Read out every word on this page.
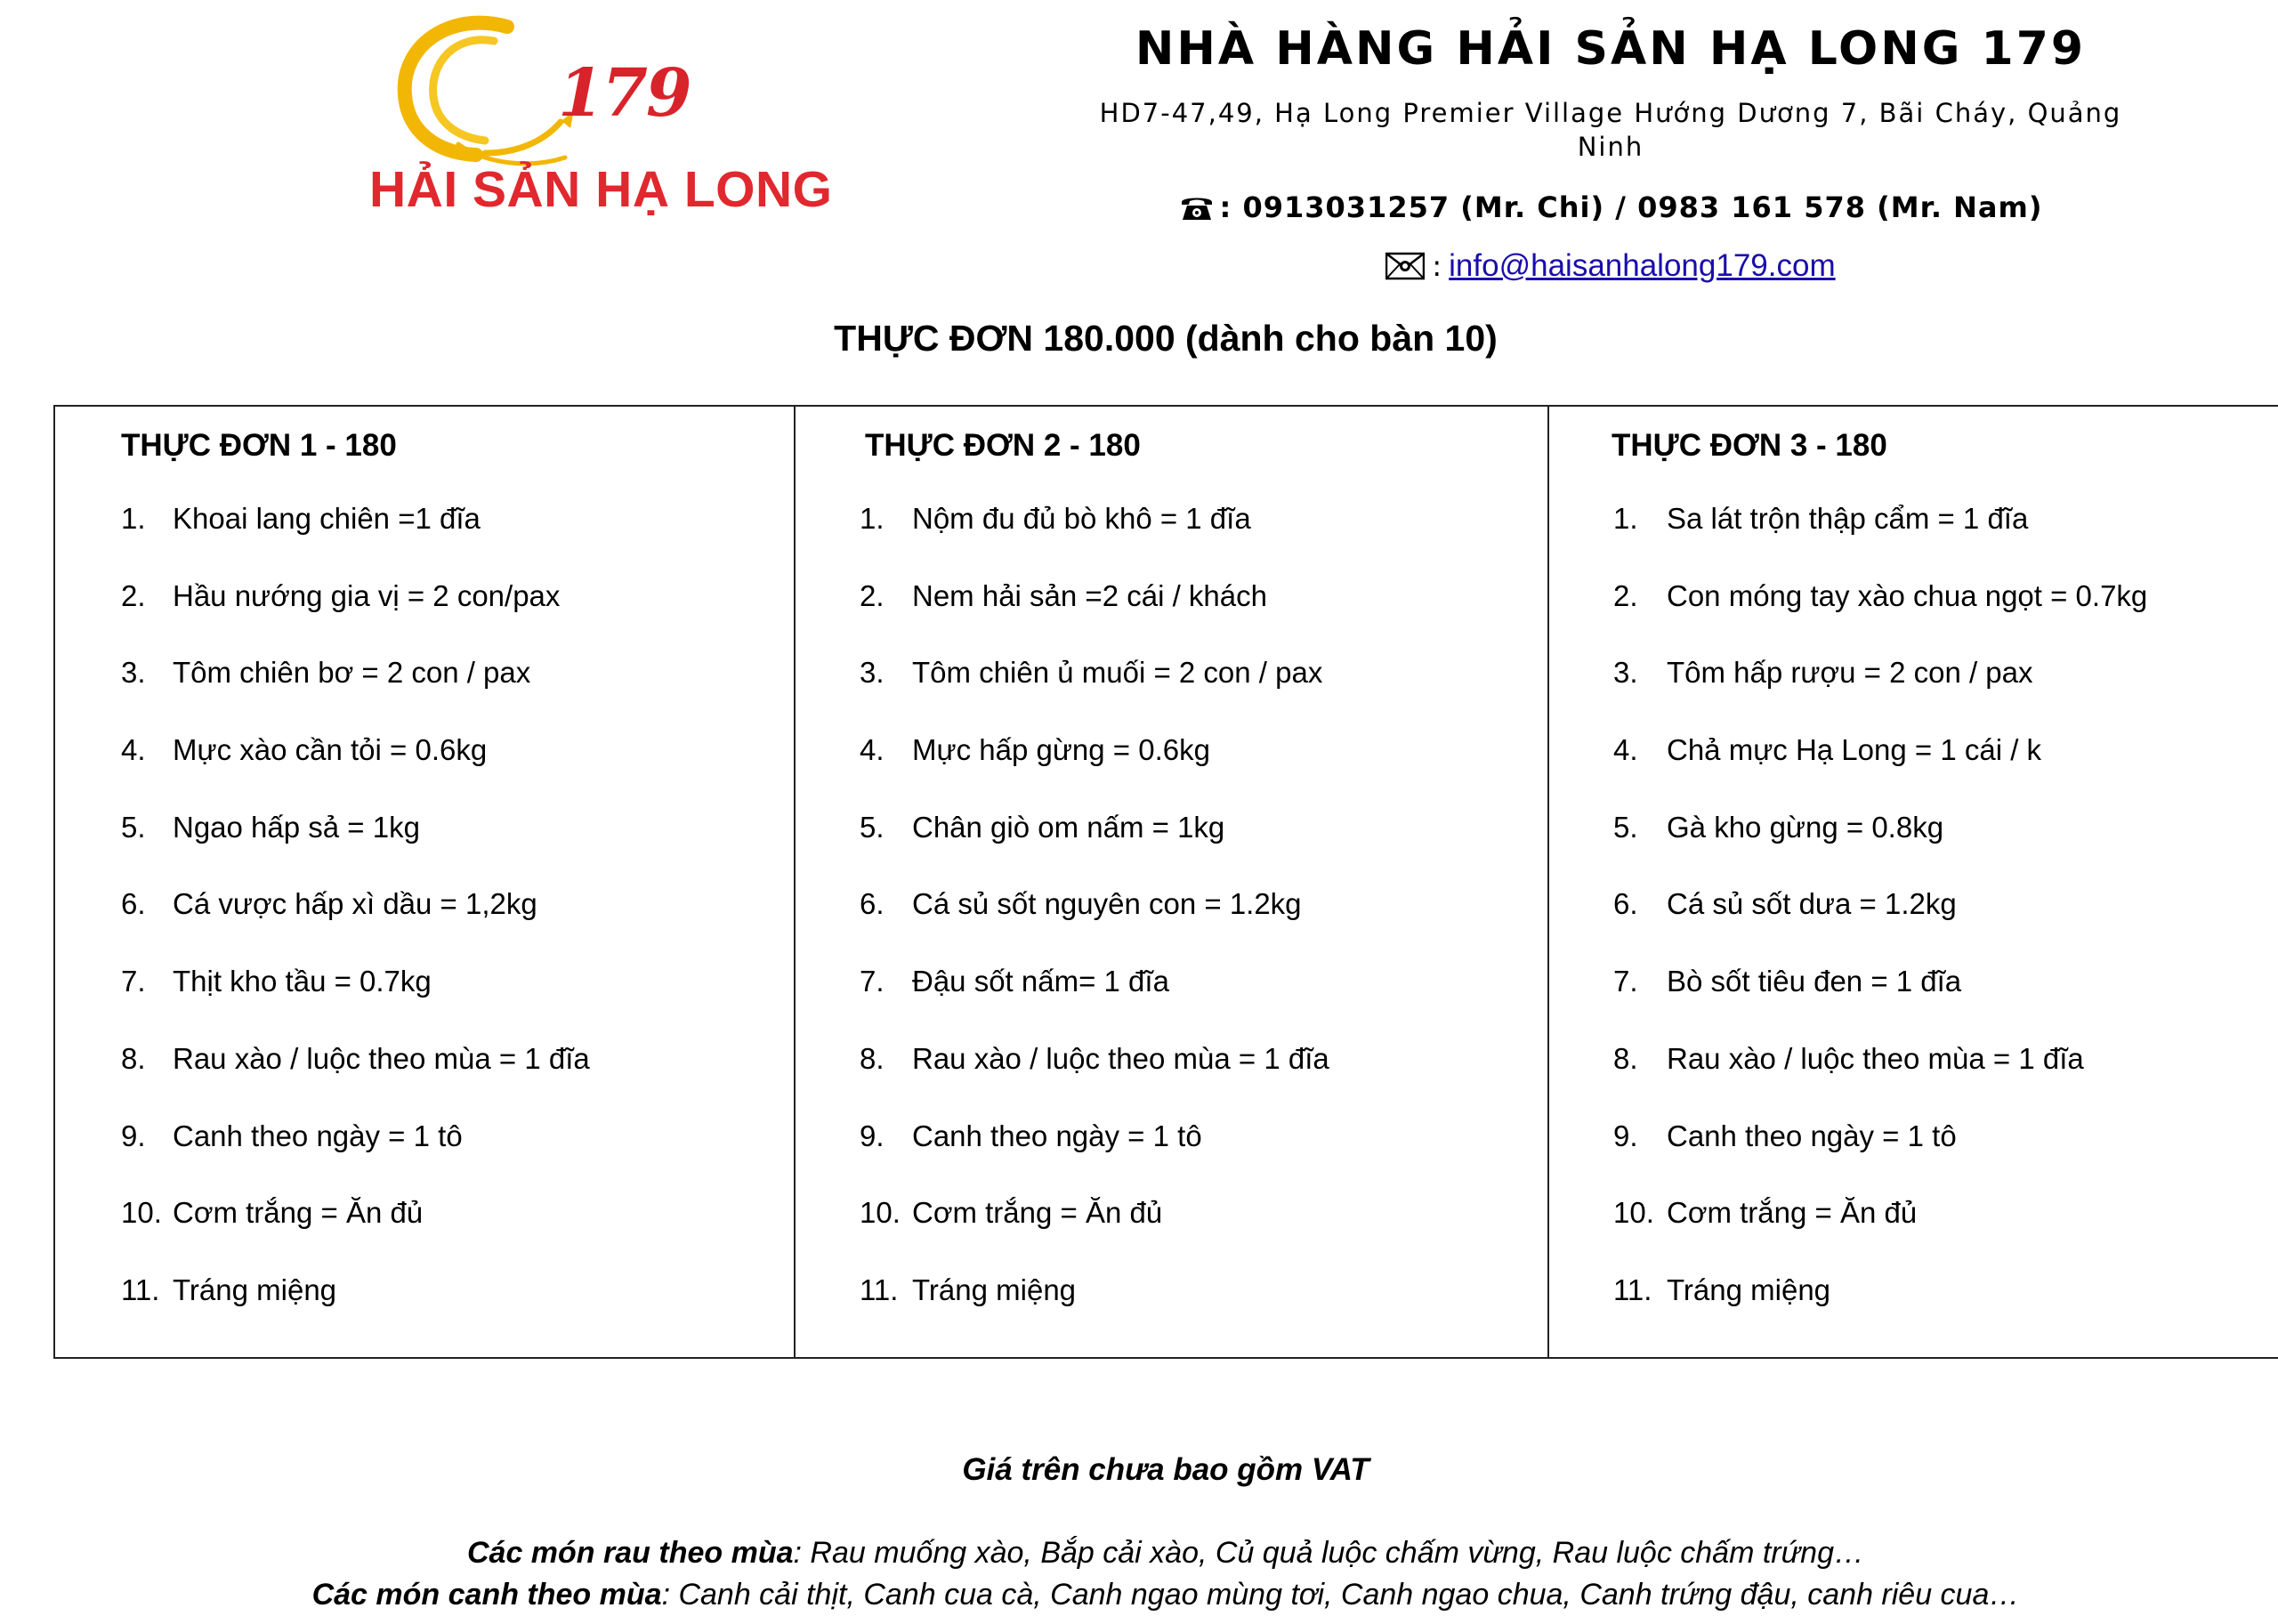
179
HẢI SẢN HẠ LONG
NHÀ HÀNG HẢI SẢN HẠ LONG 179
HD7-47,49, Hạ Long Premier Village Hướng Dương 7, Bãi Cháy, Quảng Ninh
: 0913031257 (Mr. Chi) / 0983 161 578 (Mr. Nam)
: info@haisanhalong179.com
THỰC ĐƠN 180.000 (dành cho bàn 10)
THỰC ĐƠN 1 - 180
1. Khoai lang chiên =1 đĩa
2. Hầu nướng gia vị = 2 con/pax
3. Tôm chiên bơ = 2 con / pax
4. Mực xào cần tỏi = 0.6kg
5. Ngao hấp sả = 1kg
6. Cá vược hấp xì dầu = 1,2kg
7. Thịt kho tầu = 0.7kg
8. Rau xào / luộc theo mùa = 1 đĩa
9. Canh theo ngày = 1 tô
10. Cơm trắng = Ăn đủ
11. Tráng miệng
THỰC ĐƠN 2 - 180
1. Nộm đu đủ bò khô = 1 đĩa
2. Nem hải sản =2 cái / khách
3. Tôm chiên ủ muối = 2 con / pax
4. Mực hấp gừng = 0.6kg
5. Chân giò om nấm = 1kg
6. Cá sủ sốt nguyên con = 1.2kg
7. Đậu sốt nấm= 1 đĩa
8. Rau xào / luộc theo mùa = 1 đĩa
9. Canh theo ngày = 1 tô
10. Cơm trắng = Ăn đủ
11. Tráng miệng
THỰC ĐƠN 3 - 180
1. Sa lát trộn thập cẩm = 1 đĩa
2. Con móng tay xào chua ngọt = 0.7kg
3. Tôm hấp rượu = 2 con / pax
4. Chả mực Hạ Long = 1 cái / k
5. Gà kho gừng = 0.8kg
6. Cá sủ sốt dưa = 1.2kg
7. Bò sốt tiêu đen = 1 đĩa
8. Rau xào / luộc theo mùa = 1 đĩa
9. Canh theo ngày = 1 tô
10. Cơm trắng = Ăn đủ
11. Tráng miệng
Giá trên chưa bao gồm VAT
Các món rau theo mùa: Rau muống xào, Bắp cải xào, Củ quả luộc chấm vừng, Rau luộc chấm trứng…
Các món canh theo mùa: Canh cải thịt, Canh cua cà, Canh ngao mùng tơi, Canh ngao chua, Canh trứng đậu, canh riêu cua…
